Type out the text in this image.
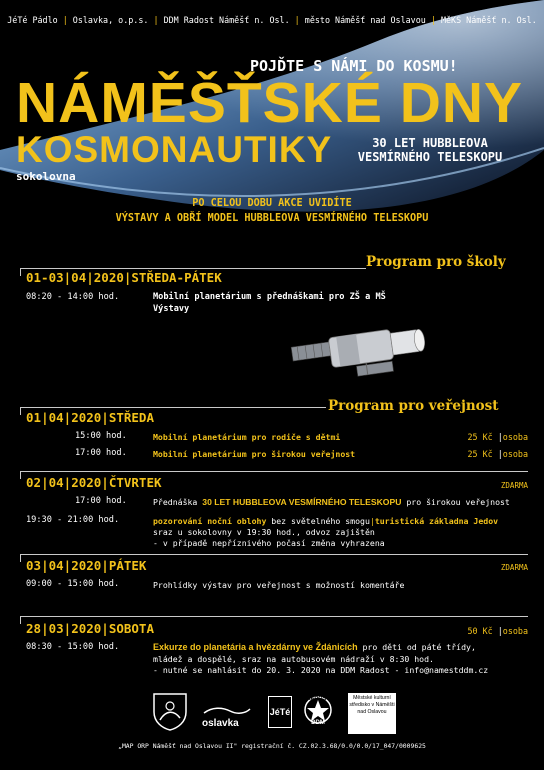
JéTé Pádlo | Oslavka, o.p.s. | DDM Radost Náměšť n. Osl. | město Náměšť nad Oslavou | MěKS Náměšť n. Osl.
POJĎTE S NÁMI DO KOSMU!
NÁMĚŠŤSKÉ DNY
KOSMONAUTIKY
sokolovna
30 LET HUBBLEOVA
VESMÍRNÉHO TELESKOPU
PO CELOU DOBU AKCE UVIDÍTE
VÝSTAVY A OBŘÍ MODEL HUBBLEOVA VESMÍRNÉHO TELESKOPU
Program pro školy
01-03|04|2020|STŘEDA-PÁTEK
08:20 - 14:00 hod.	Mobilní planetárium s přednáškami pro ZŠ a MŠ
Výstavy
Program pro veřejnost
01|04|2020|STŘEDA
15:00 hod.	Mobilní planetárium pro rodiče s dětmi	25 Kč |osoba
17:00 hod.	Mobilní planetárium pro širokou veřejnost	25 Kč |osoba
02|04|2020|ČTVRTEK	ZDARMA
17:00 hod.	Přednáška 30 LET HUBBLEOVA VESMÍRNÉHO TELESKOPU pro širokou veřejnost
19:30 - 21:00 hod.	pozorování noční oblohy bez světelného smogu|turistická základna Jedov
sraz u sokolovny v 19:30 hod., odvoz zajištěn
- v případě nepříznivého počasí změna vyhrazena
03|04|2020|PÁTEK	ZDARMA
09:00 - 15:00 hod.	Prohlídky výstav pro veřejnost s možností komentáře
28|03|2020|SOBOTA	50 Kč |osoba
08:30 - 15:00 hod.	Exkurze do planetária a hvězdárny ve Ždánicích pro děti od páté třídy,
mládež a dospělé, sraz na autobusovém nádraží v 8:30 hod.
- nutné se nahlásit do 20. 3. 2020 na DDM Radost - info@namestddm.cz
oslavka
JéTé
RADOST
DDM
Městské kulturní středisko v Náměšti nad Oslavou
„MAP ORP Náměšť nad Oslavou II" registrační č. CZ.02.3.68/0.0/0.0/17_047/0009625
